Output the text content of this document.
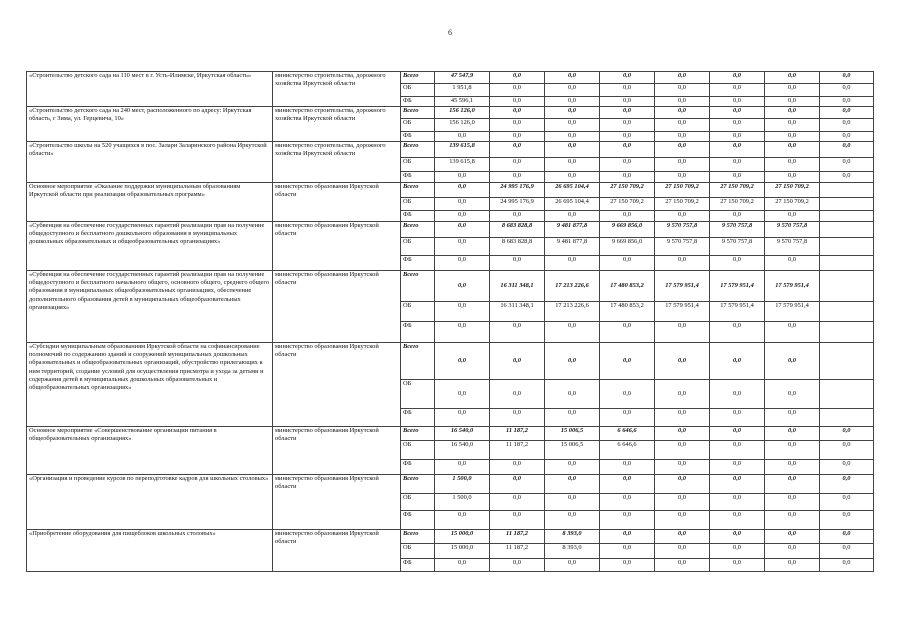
6
«Строительство детского сада на 110 мест в г. Усть-Илимске, Иркутская область»	министерство строительства, дорожного хозяйства Иркутской области	Всего	47 547,9	0,0	0,0	0,0	0,0	0,0	0,0	0,0
		ОБ	1 951,8	0,0	0,0	0,0	0,0	0,0	0,0	0,0
		ФБ	45 596,1	0,0	0,0	0,0	0,0	0,0	0,0	0,0
«Строительство детского сада на 240 мест, расположенного по адресу: Иркутская область, г Зима, ул. Герцевича, 10»	министерство строительства, дорожного хозяйства Иркутской области	Всего	156 126,0	0,0	0,0	0,0	0,0	0,0	0,0	0,0
		ОБ	156 126,0	0,0	0,0	0,0	0,0	0,0	0,0	0,0
		ФБ	0,0	0,0	0,0	0,0	0,0	0,0	0,0	0,0
«Строительство школы на 520 учащихся в пос. Залари Заларинского района Иркутской области»	министерство строительства, дорожного хозяйства Иркутской области	Всего	139 615,8	0,0	0,0	0,0	0,0	0,0	0,0	0,0
		ОБ	139 615,8	0,0	0,0	0,0	0,0	0,0	0,0	0,0
		ФБ	0,0	0,0	0,0	0,0	0,0	0,0	0,0	0,0
Основное мероприятие «Оказание поддержки муниципальным образованиям Иркутской области при реализации образовательных программ»	министерство образования Иркутской области	Всего	0,0	24 995 176,9	26 695 104,4	27 150 709,2	27 150 709,2	27 150 709,2	27 150 709,2	
		ОБ	0,0	24 995 176,9	26 695 104,4	27 150 709,2	27 150 709,2	27 150 709,2	27 150 709,2	
		ФБ	0,0	0,0	0,0	0,0	0,0	0,0	0,0	
«Субвенция на обеспечение государственных гарантий реализации прав на получение общедоступного и бесплатного дошкольного образования в муниципальных дошкольных образовательных и общеобразовательных организациях»	министерство образования Иркутской области	Всего	0,0	8 683 828,8	9 481 877,8	9 669 856,0	9 570 757,8	9 570 757,8	9 570 757,8	
		ОБ	0,0	8 683 828,8	9 481 877,8	9 669 856,0	9 570 757,8	9 570 757,8	9 570 757,8	
		ФБ	0,0	0,0	0,0	0,0	0,0	0,0	0,0	
«Субвенция на обеспечение государственных гарантий реализации прав на получение общедоступного и бесплатного начального общего, основного общего, среднего общего образования в муниципальных общеобразовательных организациях, обеспечение дополнительного образования детей в муниципальных общеобразовательных организациях»	министерство образования Иркутской области	Всего	0,0	16 311 348,1	17 213 226,6	17 480 853,2	17 579 951,4	17 579 951,4	17 579 951,4	
		ОБ	0,0	16 311 348,1	17 213 226,6	17 480 853,2	17 579 951,4	17 579 951,4	17 579 951,4	
		ФБ	0,0	0,0	0,0	0,0	0,0	0,0	0,0	
«Субсидии муниципальным образованиям Иркутской области на софинансирование полномочий по содержанию зданий и сооружений муниципальных дошкольных образовательных и общеобразовательных организаций, обустройство прилегающих к ним территорий, создание условий для осуществления присмотра и ухода за детьми и содержания детей в муниципальных дошкольных образовательных и общеобразовательных организациях»	министерство образования Иркутской области	Всего	0,0	0,0	0,0	0,0	0,0	0,0	0,0	
		ОБ	0,0	0,0	0,0	0,0	0,0	0,0	0,0	
		ФБ	0,0	0,0	0,0	0,0	0,0	0,0	0,0	
Основное мероприятие «Совершенствование организации питания в общеобразовательных организациях»	министерство образования Иркутской области	Всего	16 540,0	11 187,2	15 006,5	6 646,6	0,0	0,0	0,0	0,0
		ОБ	16 540,0	11 187,2	15 006,5	6 646,6	0,0	0,0	0,0	0,0
		ФБ	0,0	0,0	0,0	0,0	0,0	0,0	0,0	0,0
«Организация и проведение курсов по переподготовке кадров для школьных столовых»	министерство образования Иркутской области	Всего	1 500,0	0,0	0,0	0,0	0,0	0,0	0,0	0,0
		ОБ	1 500,0	0,0	0,0	0,0	0,0	0,0	0,0	0,0
		ФБ	0,0	0,0	0,0	0,0	0,0	0,0	0,0	0,0
«Приобретение оборудования для пищеблоков школьных столовых»	министерство образования Иркутской области	Всего	15 000,0	11 187,2	8 393,0	0,0	0,0	0,0	0,0	0,0
		ОБ	15 000,0	11 187,2	8 393,0	0,0	0,0	0,0	0,0	0,0
		ФБ	0,0	0,0	0,0	0,0	0,0	0,0	0,0	0,0
